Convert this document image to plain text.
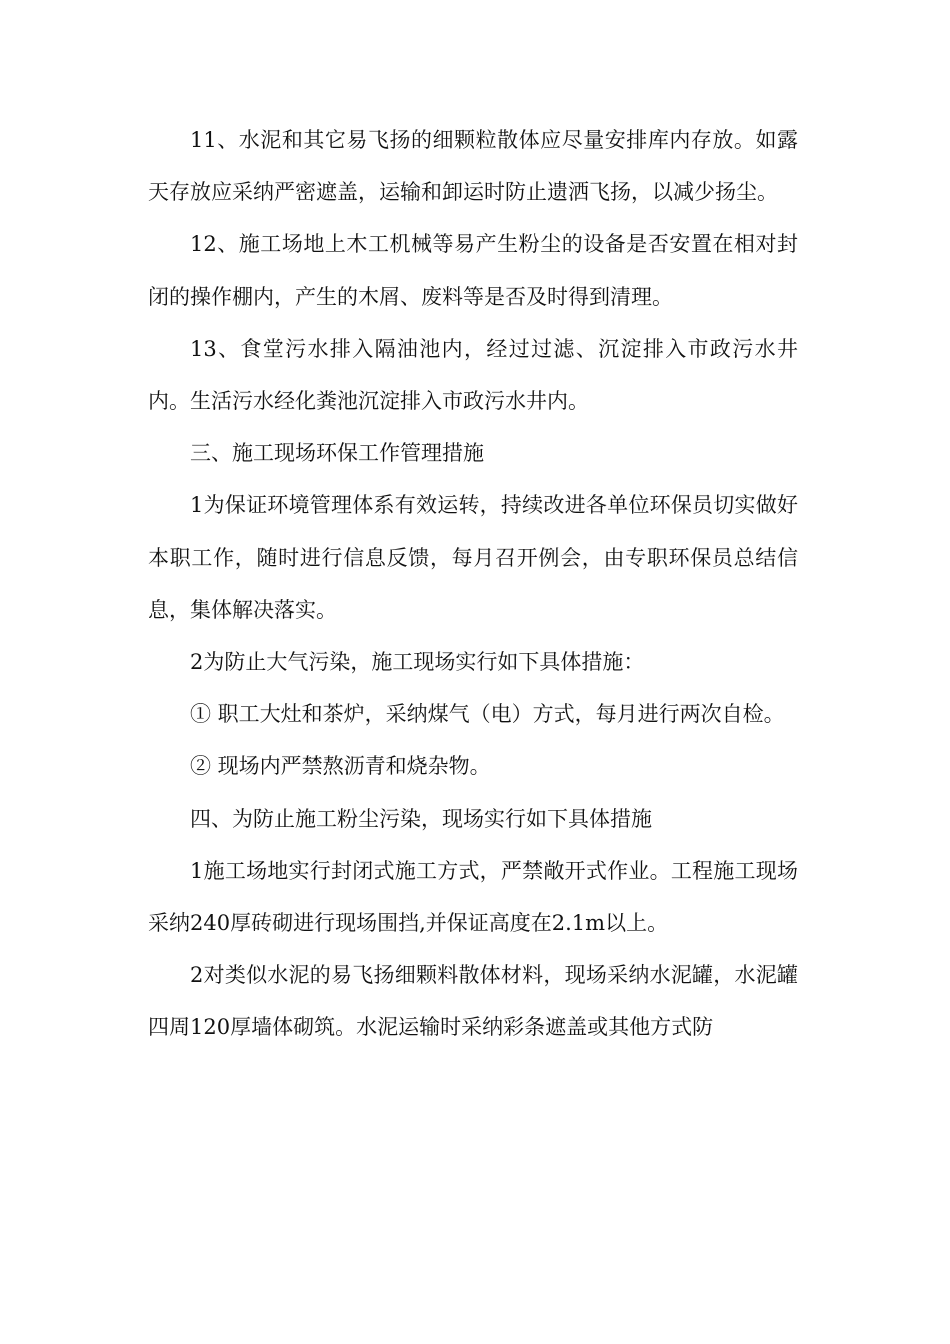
11、水泥和其它易飞扬的细颗粒散体应尽量安排库内存放。如露天存放应采纳严密遮盖，运输和卸运时防止遗洒飞扬，以减少扬尘。

12、施工场地上木工机械等易产生粉尘的设备是否安置在相对封闭的操作棚内，产生的木屑、废料等是否及时得到清理。

13、食堂污水排入隔油池内，经过过滤、沉淀排入市政污水井内。生活污水经化粪池沉淀排入市政污水井内。

三、施工现场环保工作管理措施

1为保证环境管理体系有效运转，持续改进各单位环保员切实做好本职工作，随时进行信息反馈，每月召开例会，由专职环保员总结信息，集体解决落实。

2为防止大气污染，施工现场实行如下具体措施：

① 职工大灶和茶炉，采纳煤气（电）方式，每月进行两次自检。

② 现场内严禁熬沥青和烧杂物。

四、为防止施工粉尘污染，现场实行如下具体措施

1施工场地实行封闭式施工方式，严禁敞开式作业。工程施工现场采纳240厚砖砌进行现场围挡,并保证高度在2.1m以上。

2对类似水泥的易飞扬细颗料散体材料，现场采纳水泥罐，水泥罐四周120厚墙体砌筑。水泥运输时采纳彩条遮盖或其他方式防
